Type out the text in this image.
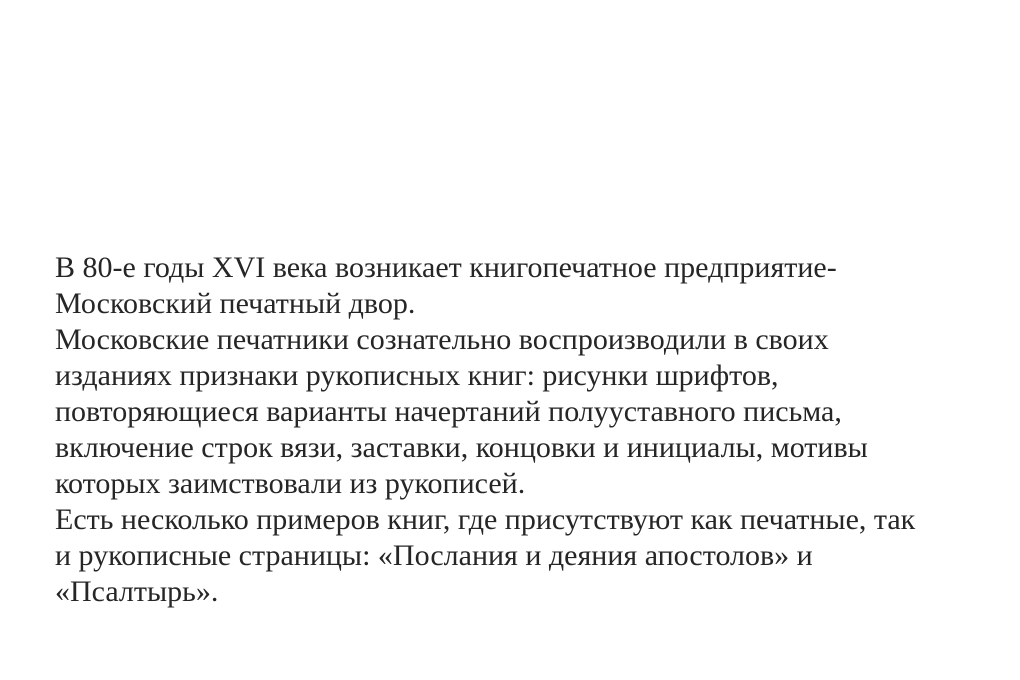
В 80-е годы XVI века возникает книгопечатное предприятие-
Московский печатный двор.
Московские печатники сознательно воспроизводили в своих
изданиях признаки рукописных книг: рисунки шрифтов,
повторяющиеся варианты начертаний полууставного письма,
включение строк вязи, заставки, концовки и инициалы, мотивы
которых заимствовали из рукописей.
Есть несколько примеров книг, где присутствуют как печатные, так
и рукописные страницы: «Послания и деяния апостолов» и
«Псалтырь».
